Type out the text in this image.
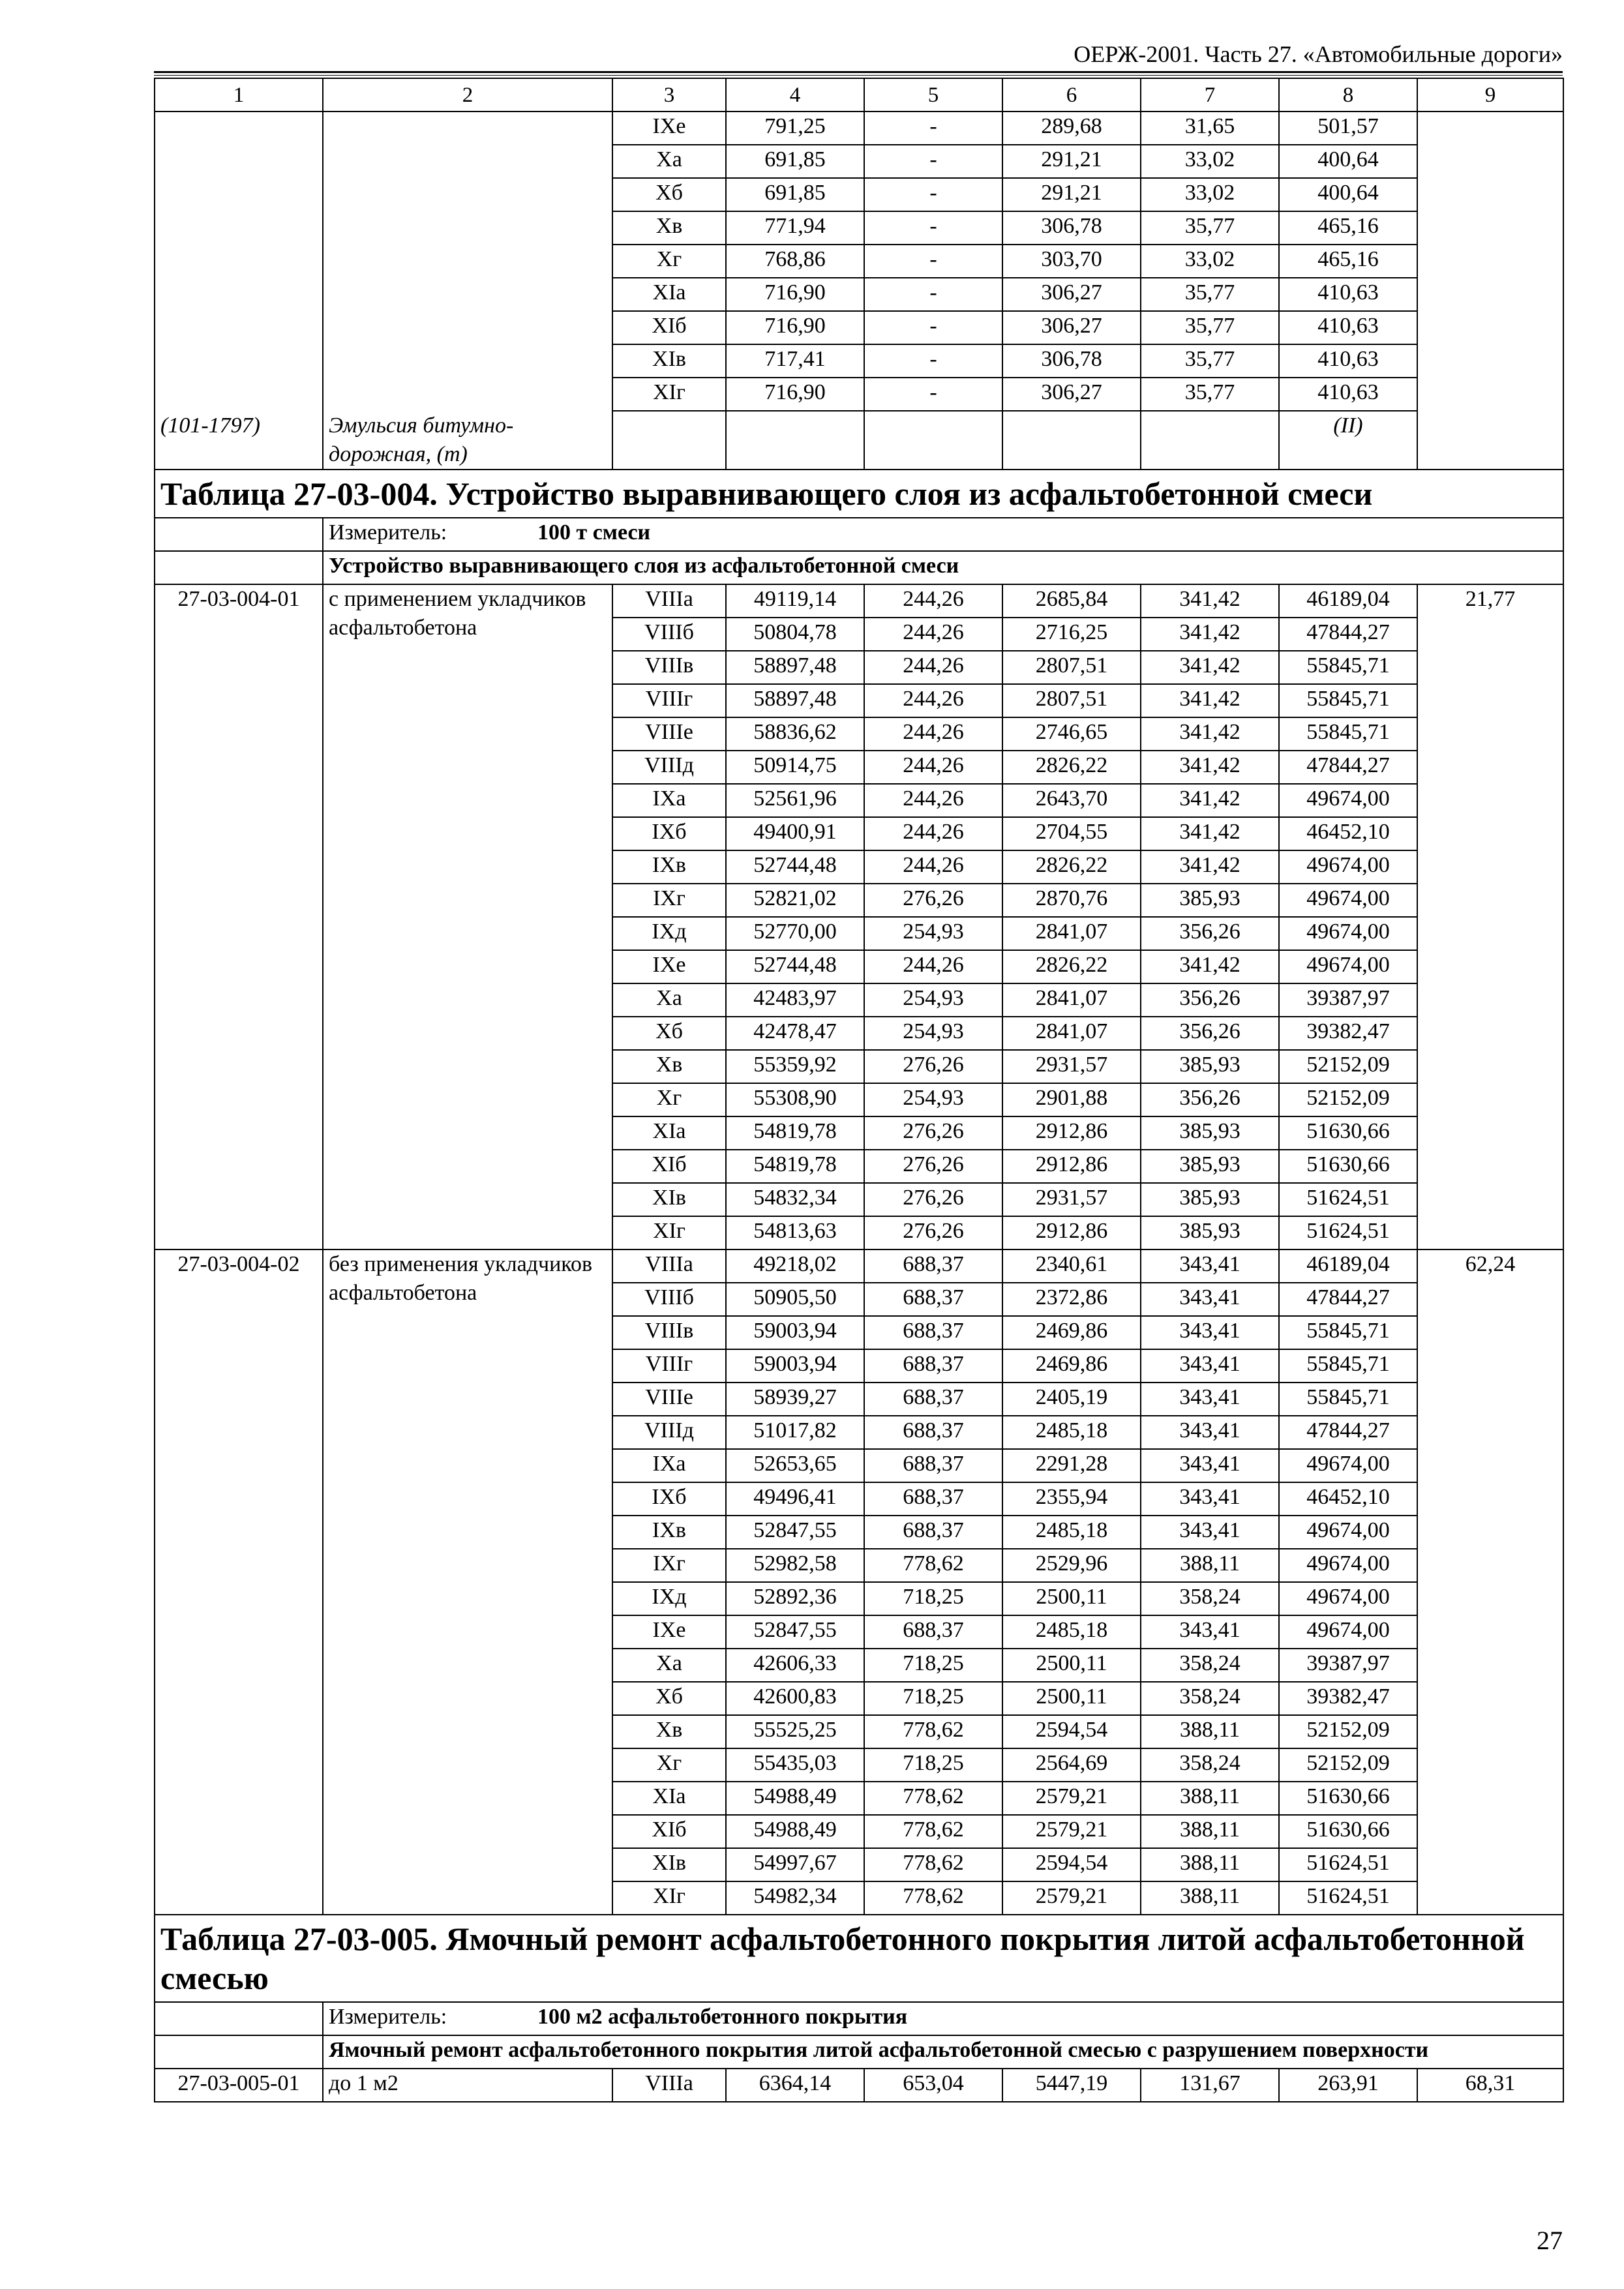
ОЕРЖ-2001. Часть 27. «Автомобильные дороги»
1	2	3	4	5	6	7	8	9

(101-1797)	Эмульсия битумно-дорожная, (т)	IXе	791,25	-	289,68	31,65	501,57	
		Xа	691,85	-	291,21	33,02	400,64	
		Xб	691,85	-	291,21	33,02	400,64	
		Xв	771,94	-	306,78	35,77	465,16	
		Xг	768,86	-	303,70	33,02	465,16	
		XIа	716,90	-	306,27	35,77	410,63	
		XIб	716,90	-	306,27	35,77	410,63	
		XIв	717,41	-	306,78	35,77	410,63	
		XIг	716,90	-	306,27	35,77	410,63	
							(II)	
Таблица 27-03-004. Устройство выравнивающего слоя из асфальтобетонной смеси								
	Измеритель: 100 т смеси							
	Устройство выравнивающего слоя из асфальтобетонной смеси							
27-03-004-01	с применением укладчиков асфальтобетона	VIIIа	49119,14	244,26	2685,84	341,42	46189,04	21,77
		VIIIб	50804,78	244,26	2716,25	341,42	47844,27	
		VIIIв	58897,48	244,26	2807,51	341,42	55845,71	
		VIIIг	58897,48	244,26	2807,51	341,42	55845,71	
		VIIIе	58836,62	244,26	2746,65	341,42	55845,71	
		VIIIд	50914,75	244,26	2826,22	341,42	47844,27	
		IXа	52561,96	244,26	2643,70	341,42	49674,00	
		IXб	49400,91	244,26	2704,55	341,42	46452,10	
		IXв	52744,48	244,26	2826,22	341,42	49674,00	
		IXг	52821,02	276,26	2870,76	385,93	49674,00	
		IXд	52770,00	254,93	2841,07	356,26	49674,00	
		IXе	52744,48	244,26	2826,22	341,42	49674,00	
		Xа	42483,97	254,93	2841,07	356,26	39387,97	
		Xб	42478,47	254,93	2841,07	356,26	39382,47	
		Xв	55359,92	276,26	2931,57	385,93	52152,09	
		Xг	55308,90	254,93	2901,88	356,26	52152,09	
		XIа	54819,78	276,26	2912,86	385,93	51630,66	
		XIб	54819,78	276,26	2912,86	385,93	51630,66	
		XIв	54832,34	276,26	2931,57	385,93	51624,51	
		XIг	54813,63	276,26	2912,86	385,93	51624,51	
27-03-004-02	без применения укладчиков асфальтобетона	VIIIа	49218,02	688,37	2340,61	343,41	46189,04	62,24
		VIIIб	50905,50	688,37	2372,86	343,41	47844,27	
		VIIIв	59003,94	688,37	2469,86	343,41	55845,71	
		VIIIг	59003,94	688,37	2469,86	343,41	55845,71	
		VIIIе	58939,27	688,37	2405,19	343,41	55845,71	
		VIIIд	51017,82	688,37	2485,18	343,41	47844,27	
		IXа	52653,65	688,37	2291,28	343,41	49674,00	
		IXб	49496,41	688,37	2355,94	343,41	46452,10	
		IXв	52847,55	688,37	2485,18	343,41	49674,00	
		IXг	52982,58	778,62	2529,96	388,11	49674,00	
		IXд	52892,36	718,25	2500,11	358,24	49674,00	
		IXе	52847,55	688,37	2485,18	343,41	49674,00	
		Xа	42606,33	718,25	2500,11	358,24	39387,97	
		Xб	42600,83	718,25	2500,11	358,24	39382,47	
		Xв	55525,25	778,62	2594,54	388,11	52152,09	
		Xг	55435,03	718,25	2564,69	358,24	52152,09	
		XIа	54988,49	778,62	2579,21	388,11	51630,66	
		XIб	54988,49	778,62	2579,21	388,11	51630,66	
		XIв	54997,67	778,62	2594,54	388,11	51624,51	
		XIг	54982,34	778,62	2579,21	388,11	51624,51	
Таблица 27-03-005. Ямочный ремонт асфальтобетонного покрытия литой асфальтобетонной смесью								
	Измеритель: 100 м2 асфальтобетонного покрытия							
	Ямочный ремонт асфальтобетонного покрытия литой асфальтобетонной смесью с разрушением поверхности							
27-03-005-01	до 1 м2	VIIIа	6364,14	653,04	5447,19	131,67	263,91	68,31
27
